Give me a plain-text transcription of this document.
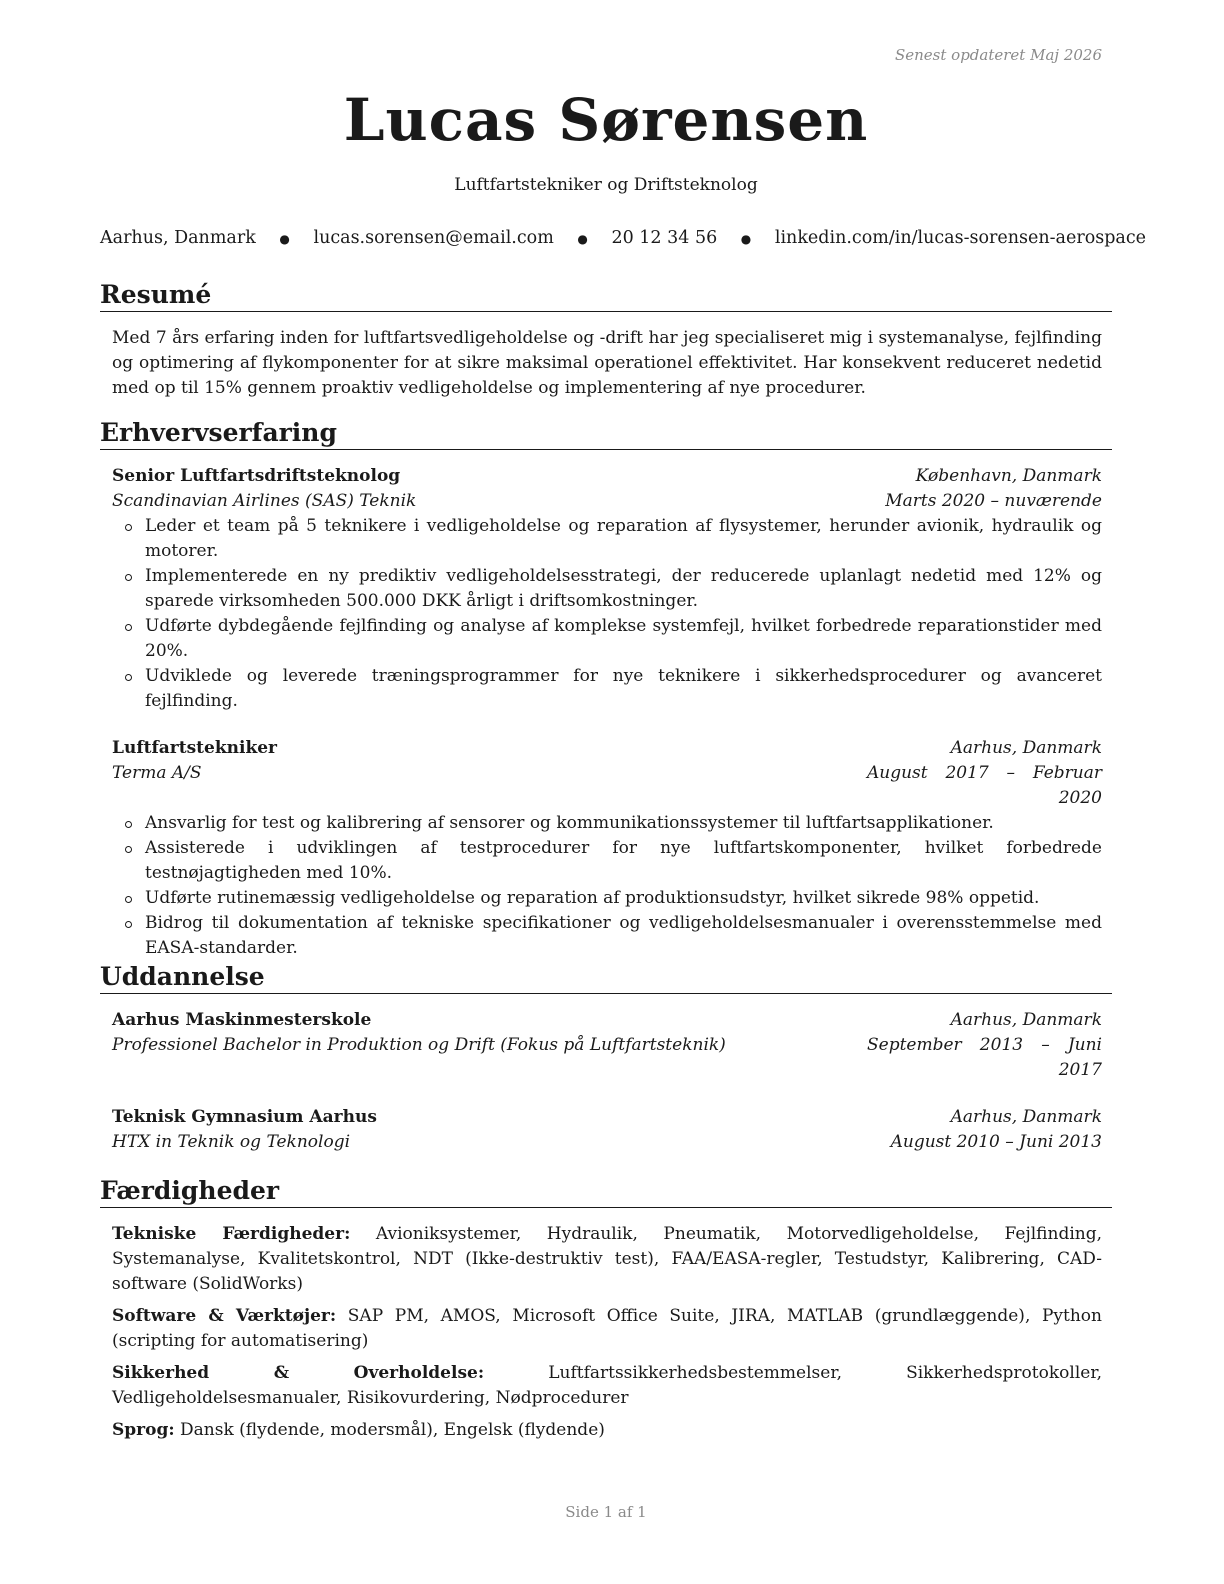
Senest opdateret Maj 2026
Lucas Sørensen
Luftfartstekniker og Driftsteknolog
Aarhus, Danmark ● lucas.sorensen@email.com ● 20 12 34 56 ● linkedin.com/in/lucas-sorensen-aerospace
Resumé
Med 7 års erfaring inden for luftfartsvedligeholdelse og -drift har jeg specialiseret mig i systemanalyse, fejlfinding og optimering af flykomponenter for at sikre maksimal operationel effektivitet. Har konsekvent reduceret nedetid med op til 15% gennem proaktiv vedligeholdelse og implementering af nye procedurer.
Erhvervserfaring
Senior Luftfartsdriftsteknolog	København, Danmark
Scandinavian Airlines (SAS) Teknik	Marts 2020 – nuværende
Leder et team på 5 teknikere i vedligeholdelse og reparation af flysystemer, herunder avionik, hydraulik og motorer.
Implementerede en ny prediktiv vedligeholdelsesstrategi, der reducerede uplanlagt nedetid med 12% og sparede virksomheden 500.000 DKK årligt i driftsomkostninger.
Udførte dybdegående fejlfinding og analyse af komplekse systemfejl, hvilket forbedrede reparationstider med 20%.
Udviklede og leverede træningsprogrammer for nye teknikere i sikkerhedsprocedurer og avanceret fejlfinding.
Luftfartstekniker	Aarhus, Danmark
Terma A/S	August 2017 – Februar 2020
Ansvarlig for test og kalibrering af sensorer og kommunikationssystemer til luftfartsapplikationer.
Assisterede i udviklingen af testprocedurer for nye luftfartskomponenter, hvilket forbedrede testnøjagtigheden med 10%.
Udførte rutinemæssig vedligeholdelse og reparation af produktionsudstyr, hvilket sikrede 98% oppetid.
Bidrog til dokumentation af tekniske specifikationer og vedligeholdelsesmanualer i overensstemmelse med EASA-standarder.
Uddannelse
Aarhus Maskinmesterskole	Aarhus, Danmark
Professionel Bachelor in Produktion og Drift (Fokus på Luftfartsteknik)	September 2013 – Juni 2017
Teknisk Gymnasium Aarhus	Aarhus, Danmark
HTX in Teknik og Teknologi	August 2010 – Juni 2013
Færdigheder
Tekniske Færdigheder: Avioniksystemer, Hydraulik, Pneumatik, Motorvedligeholdelse, Fejlfinding, Systemanalyse, Kvalitetskontrol, NDT (Ikke-destruktiv test), FAA/EASA-regler, Testudstyr, Kalibrering, CAD-software (SolidWorks)
Software & Værktøjer: SAP PM, AMOS, Microsoft Office Suite, JIRA, MATLAB (grundlæggende), Python (scripting for automatisering)
Sikkerhed & Overholdelse:	Luftfartssikkerhedsbestemmelser, Sikkerhedsprotokoller, Vedligeholdelsesmanualer, Risikovurdering, Nødprocedurer
Sprog: Dansk (flydende, modersmål), Engelsk (flydende)
Side 1 af 1
